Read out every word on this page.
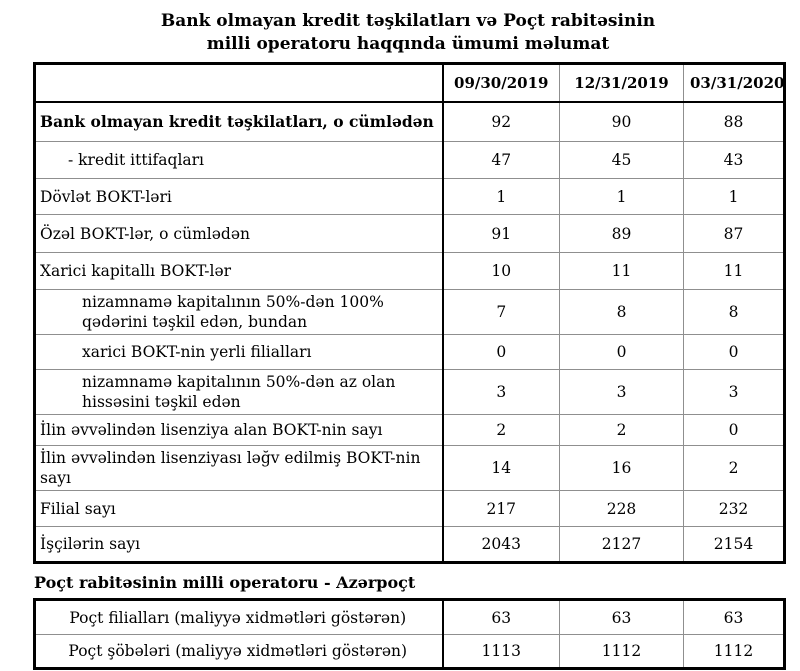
Bank olmayan kredit təşkilatları və Poçt rabitəsinin
milli operatoru haqqında ümumi məlumat
	09/30/2019	12/31/2019	03/31/2020
Bank olmayan kredit təşkilatları, o cümlədən	92	90	88
- kredit ittifaqları	47	45	43
Dövlət BOKT-ləri	1	1	1
Özəl BOKT-lər, o cümlədən	91	89	87
Xarici kapitallı BOKT-lər	10	11	11
nizamnamə kapitalının 50%-dən 100% qədərini təşkil edən, bundan	7	8	8
xarici BOKT-nin yerli filialları	0	0	0
nizamnamə kapitalının 50%-dən az olan hissəsini təşkil edən	3	3	3
İlin əvvəlindən lisenziya alan BOKT-nin sayı	2	2	0
İlin əvvəlindən lisenziyası ləğv edilmiş BOKT-nin sayı	14	16	2
Filial sayı	217	228	232
İşçilərin sayı	2043	2127	2154
Poçt rabitəsinin milli operatoru - Azərpoçt
Poçt filialları (maliyyə xidmətləri göstərən)	63	63	63
Poçt şöbələri (maliyyə xidmətləri göstərən)	1113	1112	1112
